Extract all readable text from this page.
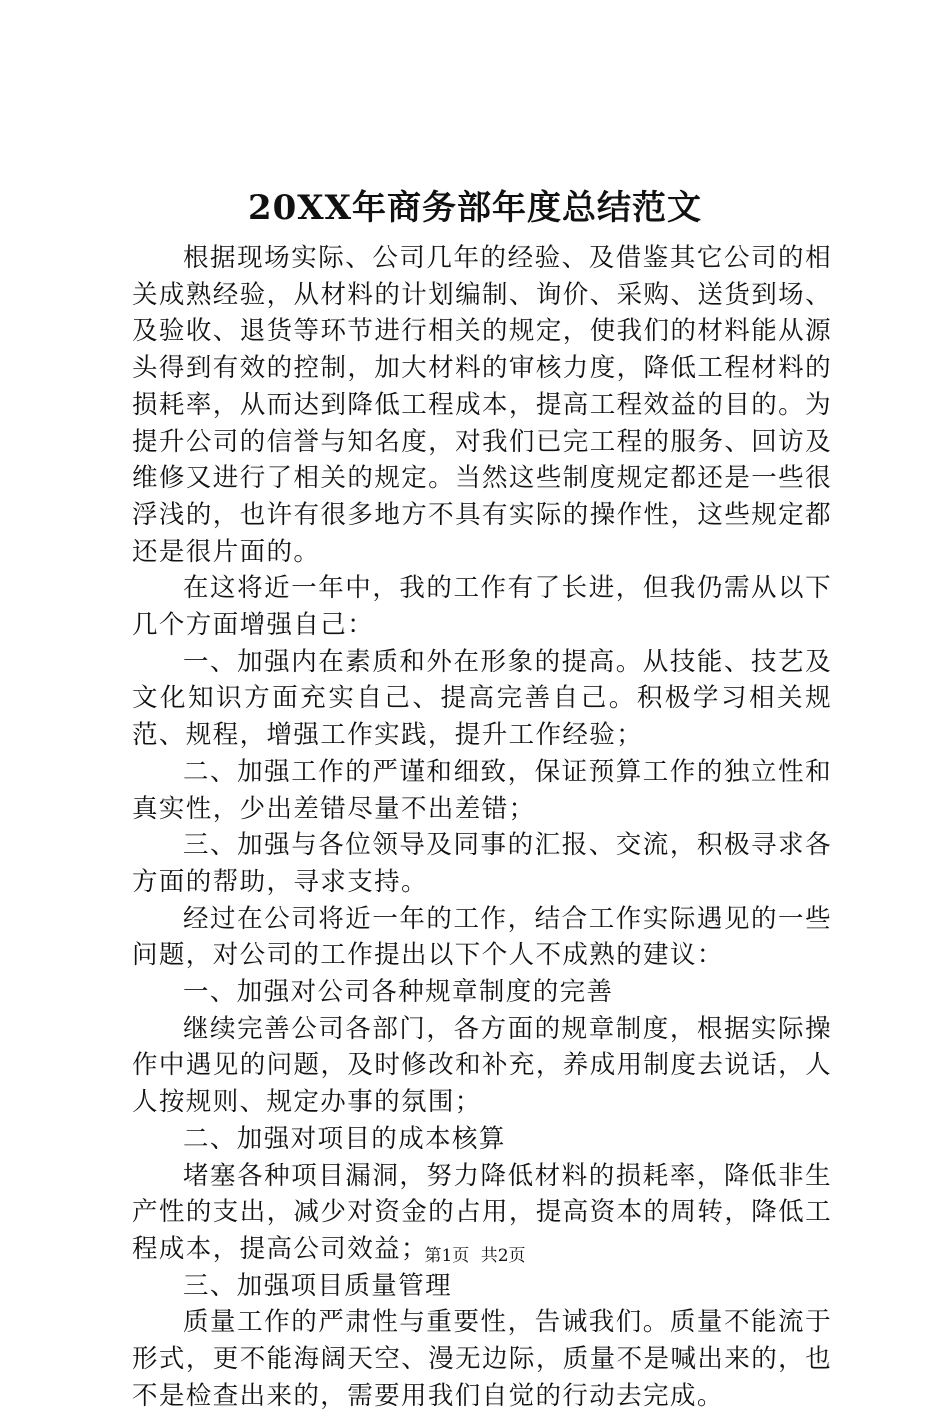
20XX年商务部年度总结范文

根据现场实际、公司几年的经验、及借鉴其它公司的相关成熟经验，从材料的计划编制、询价、采购、送货到场、及验收、退货等环节进行相关的规定，使我们的材料能从源头得到有效的控制，加大材料的审核力度，降低工程材料的损耗率，从而达到降低工程成本，提高工程效益的目的。为提升公司的信誉与知名度，对我们已完工程的服务、回访及维修又进行了相关的规定。当然这些制度规定都还是一些很浮浅的，也许有很多地方不具有实际的操作性，这些规定都还是很片面的。

在这将近一年中，我的工作有了长进，但我仍需从以下几个方面增强自己：

一、加强内在素质和外在形象的提高。从技能、技艺及文化知识方面充实自己、提高完善自己。积极学习相关规范、规程，增强工作实践，提升工作经验；

二、加强工作的严谨和细致，保证预算工作的独立性和真实性，少出差错尽量不出差错；

三、加强与各位领导及同事的汇报、交流，积极寻求各方面的帮助，寻求支持。

经过在公司将近一年的工作，结合工作实际遇见的一些问题，对公司的工作提出以下个人不成熟的建议：

一、加强对公司各种规章制度的完善

继续完善公司各部门，各方面的规章制度，根据实际操作中遇见的问题，及时修改和补充，养成用制度去说话，人人按规则、规定办事的氛围；

二、加强对项目的成本核算

堵塞各种项目漏洞，努力降低材料的损耗率，降低非生产性的支出，减少对资金的占用，提高资本的周转，降低工程成本，提高公司效益；

三、加强项目质量管理

质量工作的严肃性与重要性，告诫我们。质量不能流于形式，更不能海阔天空、漫无边际，质量不是喊出来的，也不是检查出来的，需要用我们自觉的行动去完成。

第1页 共2页
